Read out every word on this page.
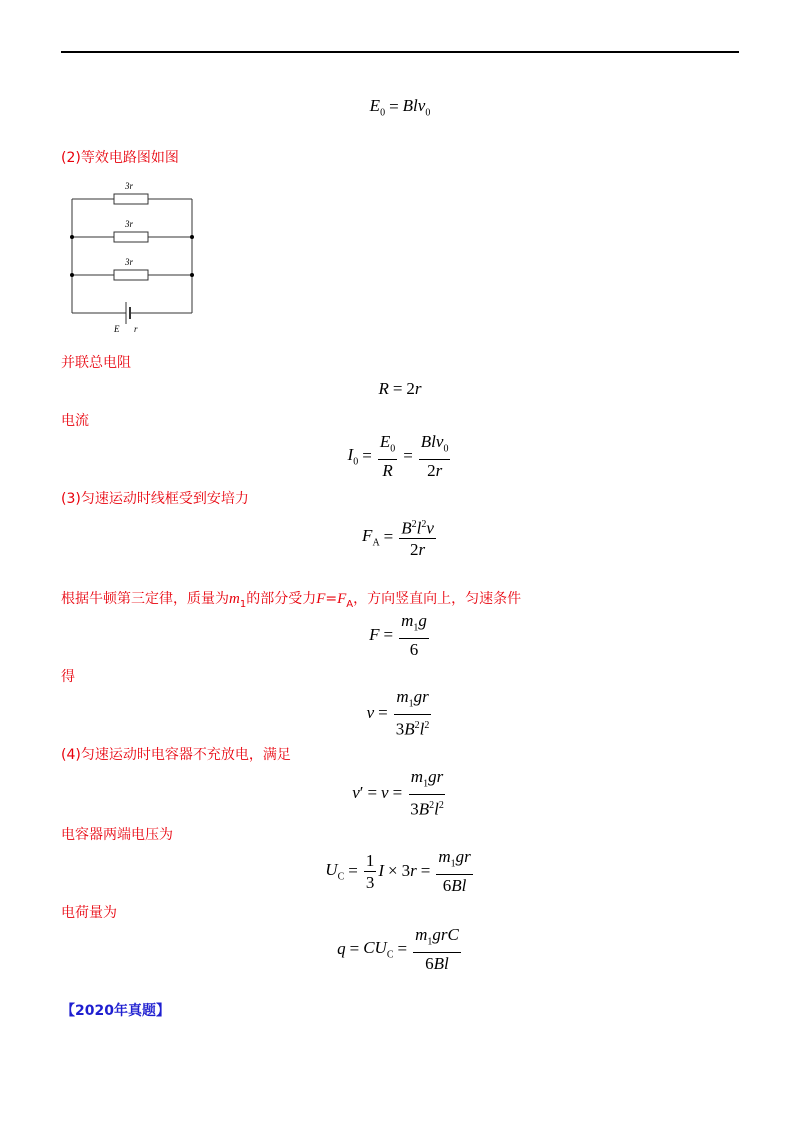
$E_0 = Blv_0$
(2)等效电路图如图
3r
3r
3r
E r
并联总电阻
R = 2r
电流
$I_0 = \frac{E_0}{R} = \frac{Blv_0}{2r}$
(3)匀速运动时线框受到安培力
$F_A = \frac{B^2l^2v}{2r}$
根据牛顿第三定律，质量为$m_1$的部分受力$F=F_A$，方向竖直向上，匀速条件
$F = \frac{m_1g}{6}$
得
$v = \frac{m_1gr}{3B^2l^2}$
(4)匀速运动时电容器不充放电，满足
$v' = v = \frac{m_1gr}{3B^2l^2}$
电容器两端电压为
$U_C = \frac{1}{3}$ $I \times 3r = \frac{m_1gr}{6Bl}$
电荷量为
$q = CU_C = \frac{m_1grC}{6Bl}$
【2020年真题】
